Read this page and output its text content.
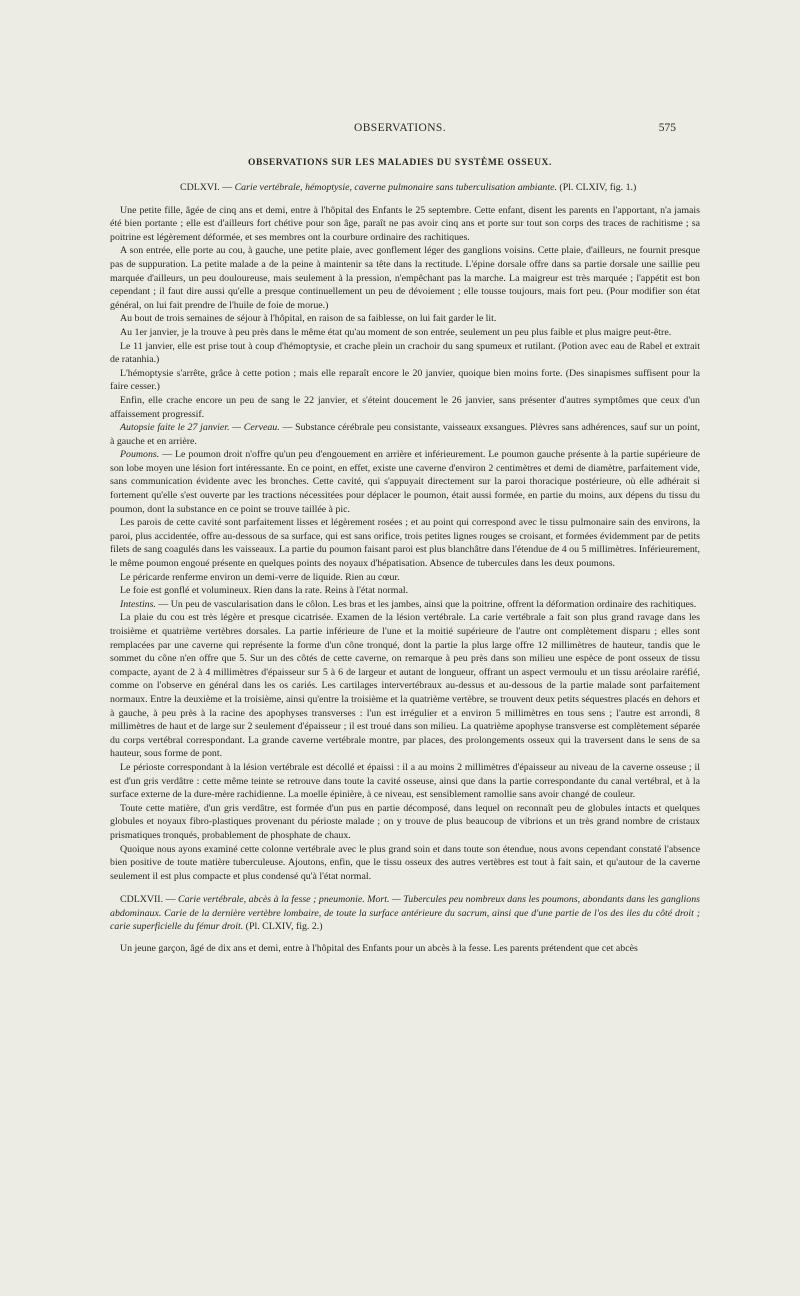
OBSERVATIONS.	575
OBSERVATIONS SUR LES MALADIES DU SYSTÈME OSSEUX.

CDLXVI. — Carie vertébrale, hémoptysie, caverne pulmonaire sans tuberculisation ambiante. (Pl. CLXIV, fig. 1.)

Une petite fille, âgée de cinq ans et demi, entre à l'hôpital des Enfants le 25 septembre. Cette enfant, disent les parents en l'apportant, n'a jamais été bien portante ; elle est d'ailleurs fort chétive pour son âge, paraît ne pas avoir cinq ans et porte sur tout son corps des traces de rachitisme ; sa poitrine est légèrement déformée, et ses membres ont la courbure ordinaire des rachitiques.

A son entrée, elle porte au cou, à gauche, une petite plaie, avec gonflement léger des ganglions voisins. Cette plaie, d'ailleurs, ne fournit presque pas de suppuration. La petite malade a de la peine à maintenir sa tête dans la rectitude. L'épine dorsale offre dans sa partie dorsale une saillie peu marquée d'ailleurs, un peu douloureuse, mais seulement à la pression, n'empêchant pas la marche. La maigreur est très marquée ; l'appétit est bon cependant ; il faut dire aussi qu'elle a presque continuellement un peu de dévoiement ; elle tousse toujours, mais fort peu. (Pour modifier son état général, on lui fait prendre de l'huile de foie de morue.)

Au bout de trois semaines de séjour à l'hôpital, en raison de sa faiblesse, on lui fait garder le lit.

Au 1er janvier, je la trouve à peu près dans le même état qu'au moment de son entrée, seulement un peu plus faible et plus maigre peut-être.

Le 11 janvier, elle est prise tout à coup d'hémoptysie, et crache plein un crachoir du sang spumeux et rutilant. (Potion avec eau de Rabel et extrait de ratanhia.)

L'hémoptysie s'arrête, grâce à cette potion ; mais elle reparaît encore le 20 janvier, quoique bien moins forte. (Des sinapismes suffisent pour la faire cesser.)

Enfin, elle crache encore un peu de sang le 22 janvier, et s'éteint doucement le 26 janvier, sans présenter d'autres symptômes que ceux d'un affaissement progressif.

Autopsie faite le 27 janvier. — Cerveau. — Substance cérébrale peu consistante, vaisseaux exsangues. Plèvres sans adhérences, sauf sur un point, à gauche et en arrière.

Poumons. — Le poumon droit n'offre qu'un peu d'engouement en arrière et inférieurement. Le poumon gauche présente à la partie supérieure de son lobe moyen une lésion fort intéressante. En ce point, en effet, existe une caverne d'environ 2 centimètres et demi de diamètre, parfaitement vide, sans communication évidente avec les bronches. Cette cavité, qui s'appuyait directement sur la paroi thoracique postérieure, où elle adhérait si fortement qu'elle s'est ouverte par les tractions nécessitées pour déplacer le poumon, était aussi formée, en partie du moins, aux dépens du tissu du poumon, dont la substance en ce point se trouve taillée à pic.

Les parois de cette cavité sont parfaitement lisses et légèrement rosées ; et au point qui correspond avec le tissu pulmonaire sain des environs, la paroi, plus accidentée, offre au-dessous de sa surface, qui est sans orifice, trois petites lignes rouges se croisant, et formées évidemment par de petits filets de sang coagulés dans les vaisseaux. La partie du poumon faisant paroi est plus blanchâtre dans l'étendue de 4 ou 5 millimètres. Inférieurement, le même poumon engoué présente en quelques points des noyaux d'hépatisation. Absence de tubercules dans les deux poumons.

Le péricarde renferme environ un demi-verre de liquide. Rien au cœur.

Le foie est gonflé et volumineux. Rien dans la rate. Reins à l'état normal.

Intestins. — Un peu de vascularisation dans le côlon. Les bras et les jambes, ainsi que la poitrine, offrent la déformation ordinaire des rachitiques.

La plaie du cou est très légère et presque cicatrisée. Examen de la lésion vertébrale. La carie vertébrale a fait son plus grand ravage dans les troisième et quatrième vertèbres dorsales. La partie inférieure de l'une et la moitié supérieure de l'autre ont complètement disparu ; elles sont remplacées par une caverne qui représente la forme d'un cône tronqué, dont la partie la plus large offre 12 millimètres de hauteur, tandis que le sommet du cône n'en offre que 5. Sur un des côtés de cette caverne, on remarque à peu près dans son milieu une espèce de pont osseux de tissu compacte, ayant de 2 à 4 millimètres d'épaisseur sur 5 à 6 de largeur et autant de longueur, offrant un aspect vermoulu et un tissu aréolaire raréfié, comme on l'observe en général dans les os cariés. Les cartilages intervertébraux au-dessus et au-dessous de la partie malade sont parfaitement normaux. Entre la deuxième et la troisième, ainsi qu'entre la troisième et la quatrième vertèbre, se trouvent deux petits séquestres placés en dehors et à gauche, à peu près à la racine des apophyses transverses : l'un est irrégulier et a environ 5 millimètres en tous sens ; l'autre est arrondi, 8 millimètres de haut et de large sur 2 seulement d'épaisseur ; il est troué dans son milieu. La quatrième apophyse transverse est complètement séparée du corps vertébral correspondant. La grande caverne vertébrale montre, par places, des prolongements osseux qui la traversent dans le sens de sa hauteur, sous forme de pont.

Le périoste correspondant à la lésion vertébrale est décollé et épaissi : il a au moins 2 millimètres d'épaisseur au niveau de la caverne osseuse ; il est d'un gris verdâtre : cette même teinte se retrouve dans toute la cavité osseuse, ainsi que dans la partie correspondante du canal vertébral, et à la surface externe de la dure-mère rachidienne. La moelle épinière, à ce niveau, est sensiblement ramollie sans avoir changé de couleur.

Toute cette matière, d'un gris verdâtre, est formée d'un pus en partie décomposé, dans lequel on reconnaît peu de globules intacts et quelques globules et noyaux fibro-plastiques provenant du périoste malade ; on y trouve de plus beaucoup de vibrions et un très grand nombre de cristaux prismatiques tronqués, probablement de phosphate de chaux.

Quoique nous ayons examiné cette colonne vertébrale avec le plus grand soin et dans toute son étendue, nous avons cependant constaté l'absence bien positive de toute matière tuberculeuse. Ajoutons, enfin, que le tissu osseux des autres vertèbres est tout à fait sain, et qu'autour de la caverne seulement il est plus compacte et plus condensé qu'à l'état normal.

CDLXVII. — Carie vertébrale, abcès à la fesse ; pneumonie. Mort. — Tubercules peu nombreux dans les poumons, abondants dans les ganglions abdominaux. Carie de la dernière vertèbre lombaire, de toute la surface antérieure du sacrum, ainsi que d'une partie de l'os des iles du côté droit ; carie superficielle du fémur droit. (Pl. CLXIV, fig. 2.)

Un jeune garçon, âgé de dix ans et demi, entre à l'hôpital des Enfants pour un abcès à la fesse. Les parents prétendent que cet abcès
